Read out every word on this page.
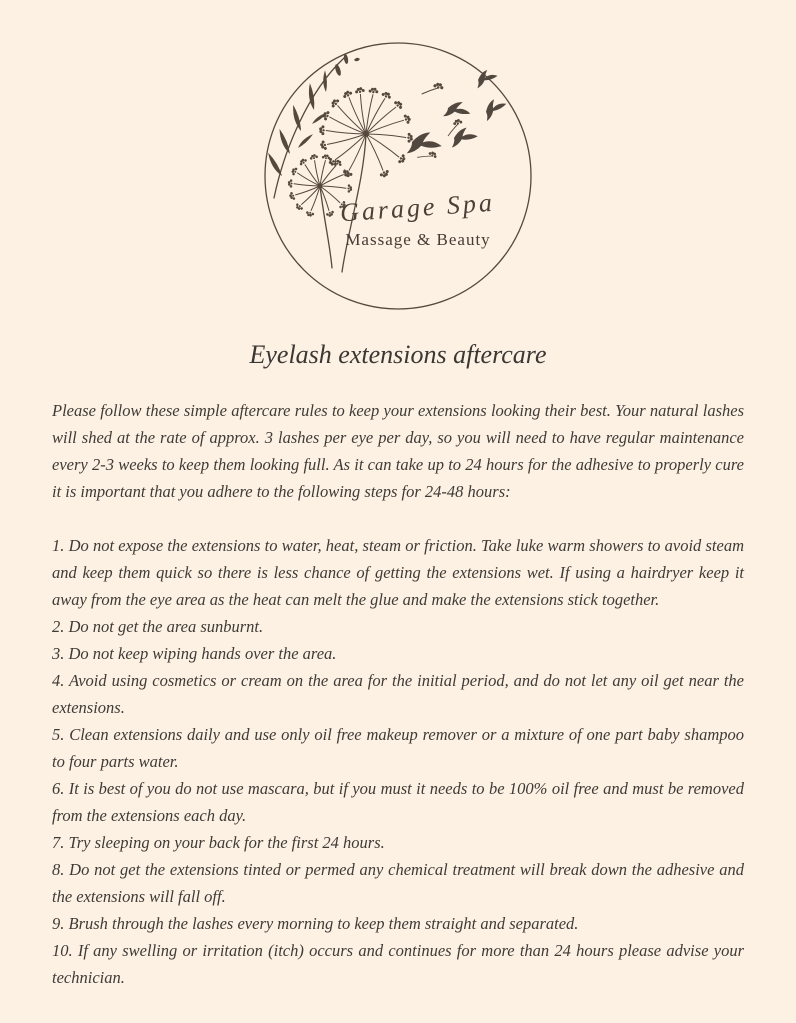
Garage Spa
Massage & Beauty
Eyelash extensions aftercare

Please follow these simple aftercare rules to keep your extensions looking their best. Your natural lashes will shed at the rate of approx. 3 lashes per eye per day, so you will need to have regular maintenance every 2-3 weeks to keep them looking full. As it can take up to 24 hours for the adhesive to properly cure it is important that you adhere to the following steps for 24-48 hours:

1. Do not expose the extensions to water, heat, steam or friction. Take luke warm showers to avoid steam and keep them quick so there is less chance of getting the extensions wet. If using a hairdryer keep it away from the eye area as the heat can melt the glue and make the extensions stick together.

2. Do not get the area sunburnt.

3. Do not keep wiping hands over the area.

4. Avoid using cosmetics or cream on the area for the initial period, and do not let any oil get near the extensions.

5. Clean extensions daily and use only oil free makeup remover or a mixture of one part baby shampoo to four parts water.

6. It is best of you do not use mascara, but if you must it needs to be 100% oil free and must be removed from the extensions each day.

7. Try sleeping on your back for the first 24 hours.

8. Do not get the extensions tinted or permed any chemical treatment will break down the adhesive and the extensions will fall off.

9. Brush through the lashes every morning to keep them straight and separated.

10. If any swelling or irritation (itch) occurs and continues for more than 24 hours please advise your technician.
